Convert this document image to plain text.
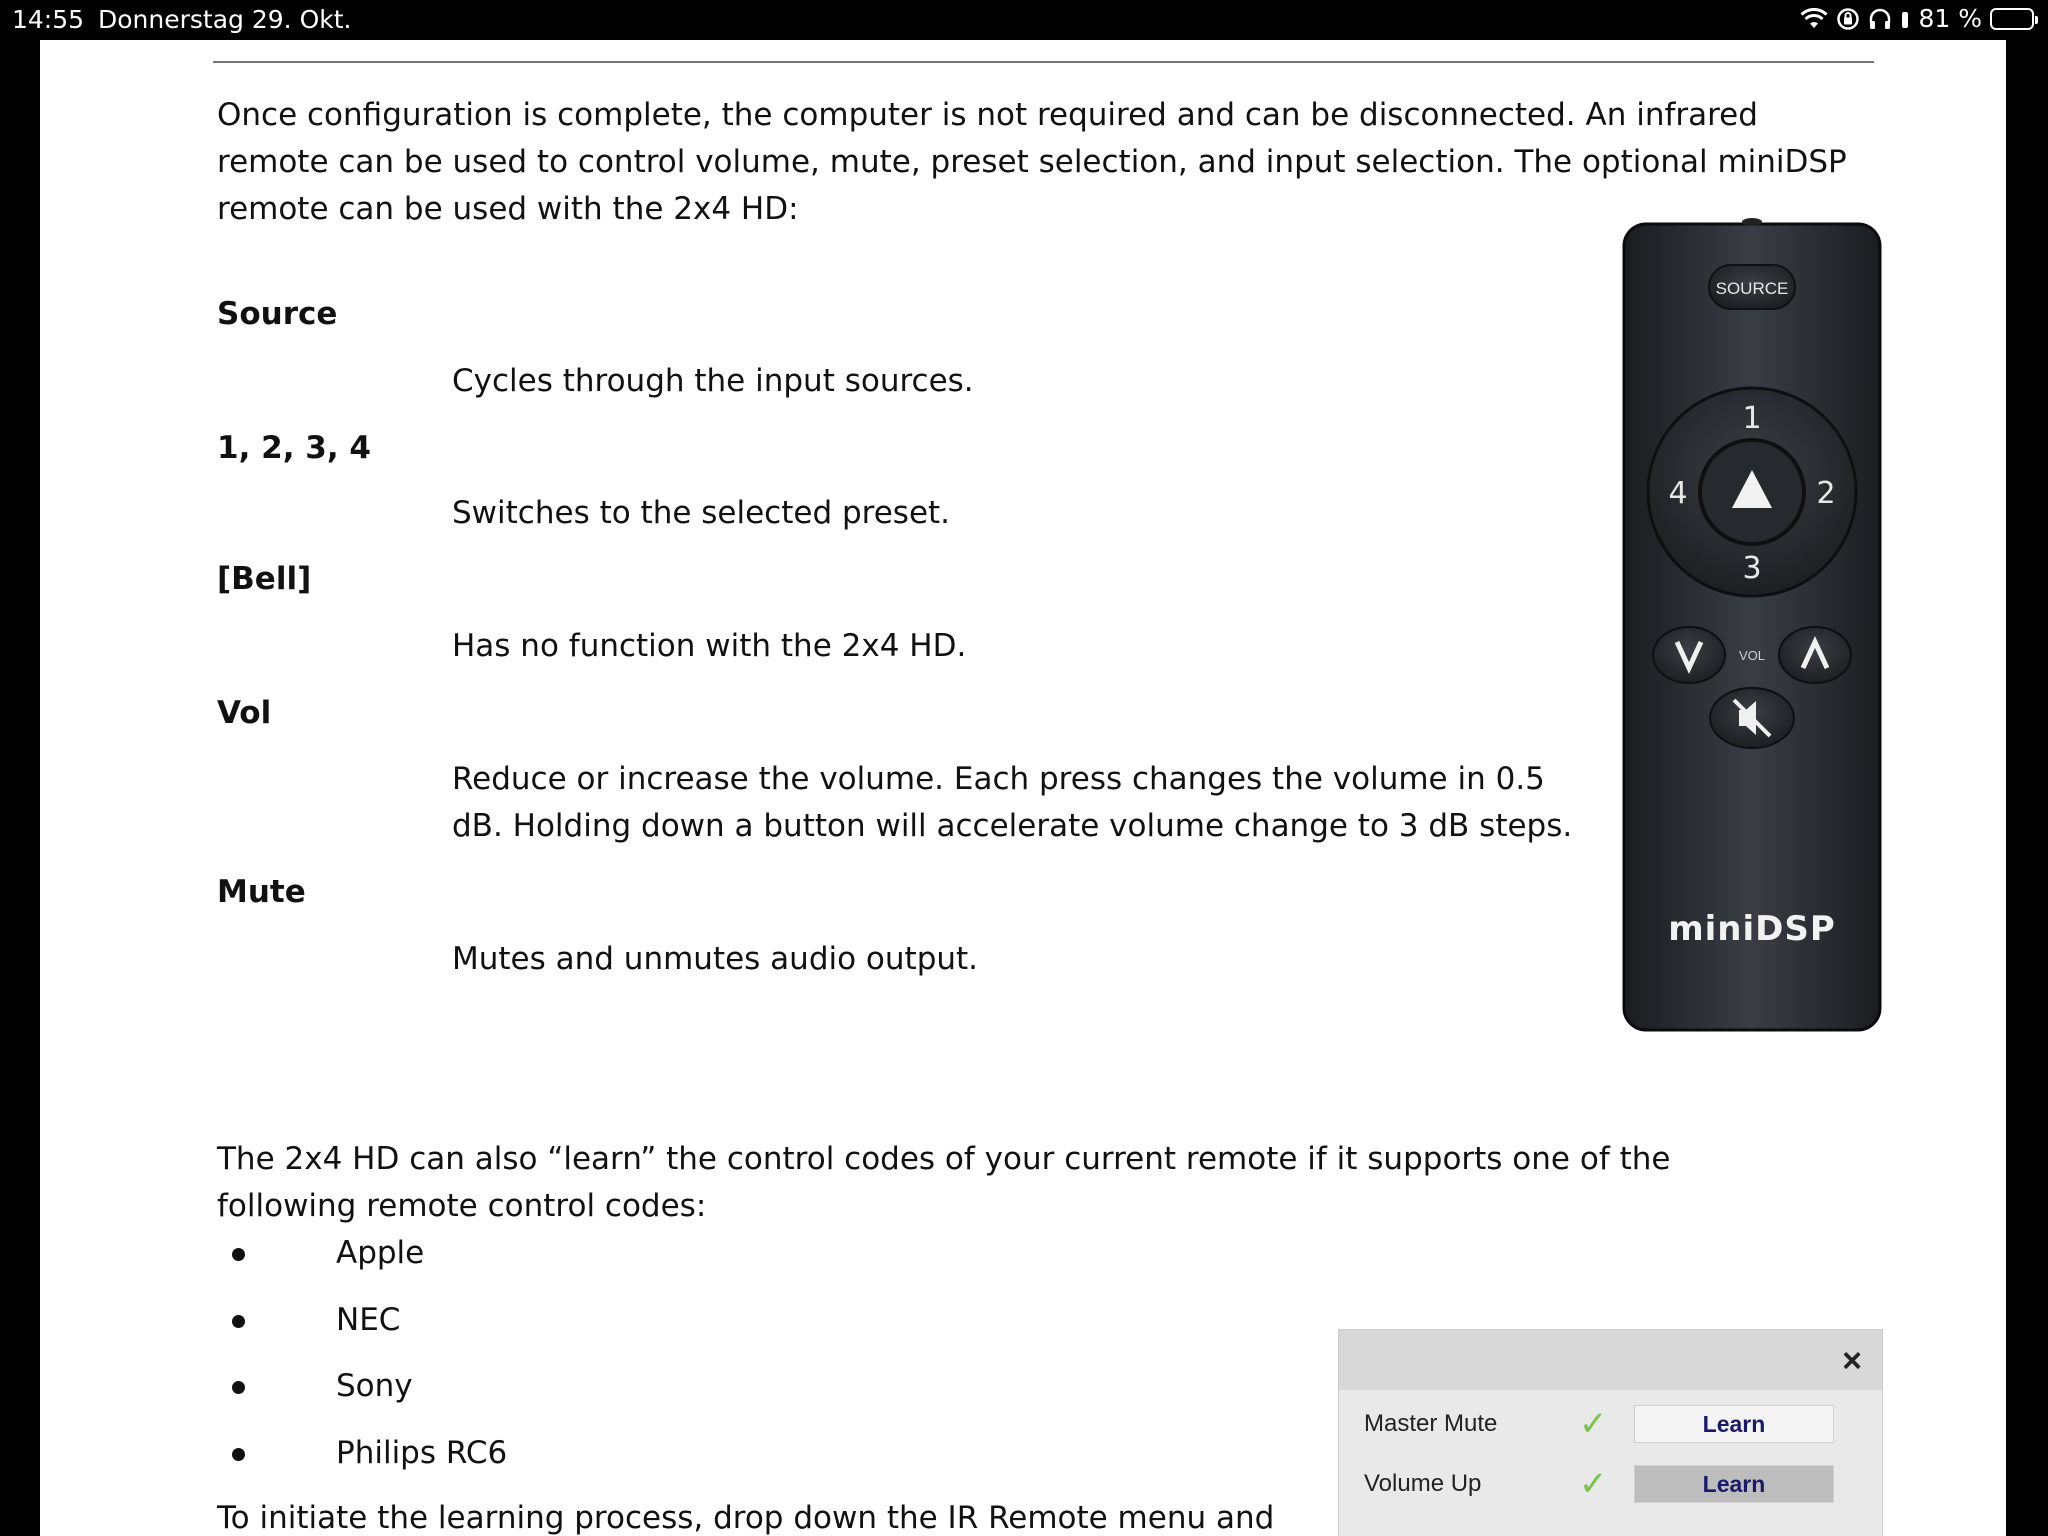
14:55 Donnerstag 29. Okt.	81 %

Once configuration is complete, the computer is not required and can be disconnected. An infrared remote can be used to control volume, mute, preset selection, and input selection. The optional miniDSP remote can be used with the 2x4 HD:

Source

Cycles through the input sources.

1, 2, 3, 4

Switches to the selected preset.

[Bell]

Has no function with the 2x4 HD.

Vol

Reduce or increase the volume. Each press changes the volume in 0.5 dB. Holding down a button will accelerate volume change to 3 dB steps.

Mute

Mutes and unmutes audio output.

The 2x4 HD can also “learn” the control codes of your current remote if it supports one of the following remote control codes:

Apple
NEC
Sony
Philips RC6

To initiate the learning process, drop down the IR Remote menu and

SOURCE
1
2
3
4
VOL
miniDSP
×
Master Mute ✓	Learn
Volume Up	✓	Learn
